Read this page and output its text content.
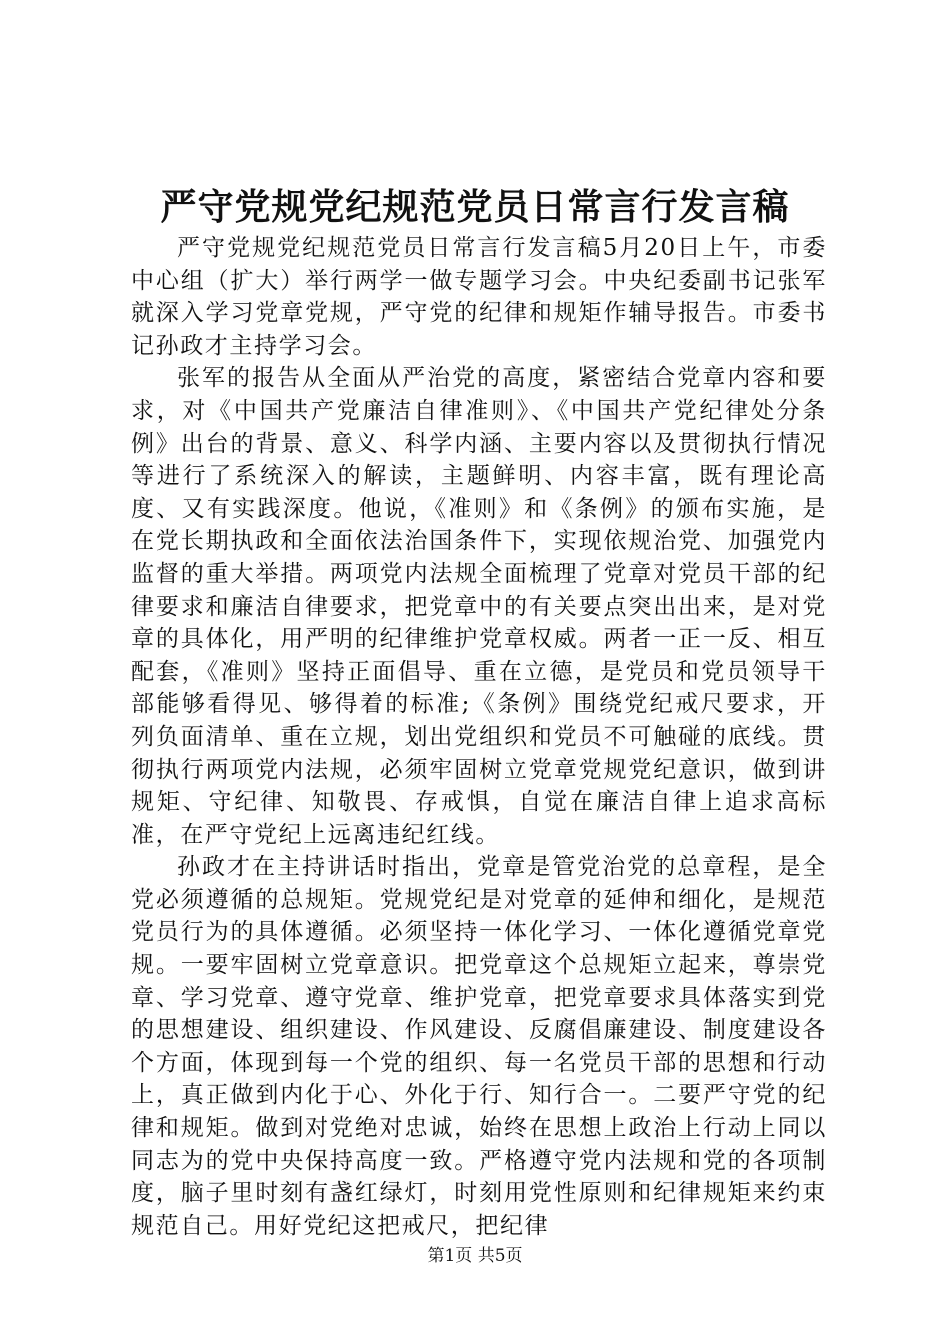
严守党规党纪规范党员日常言行发言稿

严守党规党纪规范党员日常言行发言稿5月20日上午，市委中心组（扩大）举行两学一做专题学习会。中央纪委副书记张军就深入学习党章党规，严守党的纪律和规矩作辅导报告。市委书记孙政才主持学习会。

张军的报告从全面从严治党的高度，紧密结合党章内容和要求，对《中国共产党廉洁自律准则》、《中国共产党纪律处分条例》出台的背景、意义、科学内涵、主要内容以及贯彻执行情况等进行了系统深入的解读，主题鲜明、内容丰富，既有理论高度、又有实践深度。他说，《准则》和《条例》的颁布实施，是在党长期执政和全面依法治国条件下，实现依规治党、加强党内监督的重大举措。两项党内法规全面梳理了党章对党员干部的纪律要求和廉洁自律要求，把党章中的有关要点突出出来，是对党章的具体化，用严明的纪律维护党章权威。两者一正一反、相互配套，《准则》坚持正面倡导、重在立德，是党员和党员领导干部能够看得见、够得着的标准;《条例》围绕党纪戒尺要求，开列负面清单、重在立规，划出党组织和党员不可触碰的底线。贯彻执行两项党内法规，必须牢固树立党章党规党纪意识，做到讲规矩、守纪律、知敬畏、存戒惧，自觉在廉洁自律上追求高标准，在严守党纪上远离违纪红线。

孙政才在主持讲话时指出，党章是管党治党的总章程，是全党必须遵循的总规矩。党规党纪是对党章的延伸和细化，是规范党员行为的具体遵循。必须坚持一体化学习、一体化遵循党章党规。一要牢固树立党章意识。把党章这个总规矩立起来，尊崇党章、学习党章、遵守党章、维护党章，把党章要求具体落实到党的思想建设、组织建设、作风建设、反腐倡廉建设、制度建设各个方面，体现到每一个党的组织、每一名党员干部的思想和行动上，真正做到内化于心、外化于行、知行合一。二要严守党的纪律和规矩。做到对党绝对忠诚，始终在思想上政治上行动上同以同志为的党中央保持高度一致。严格遵守党内法规和党的各项制度，脑子里时刻有盏红绿灯，时刻用党性原则和纪律规矩来约束规范自己。用好党纪这把戒尺，把纪律

第1页 共5页
